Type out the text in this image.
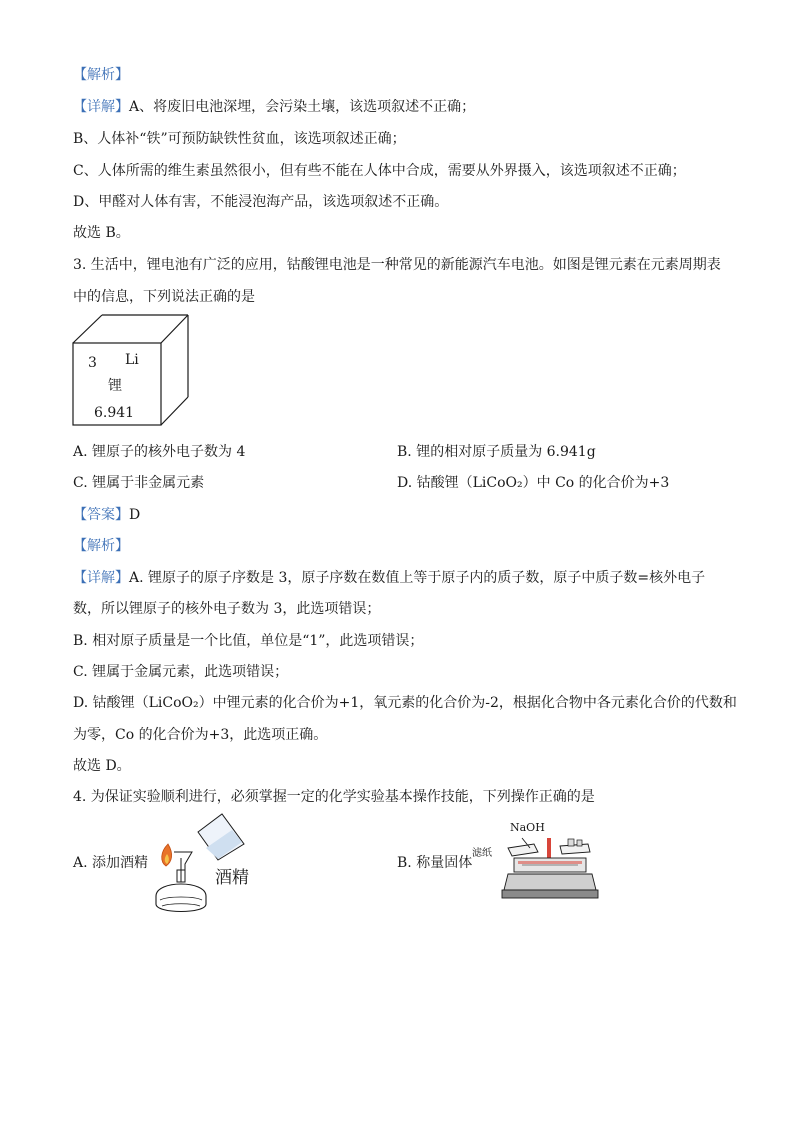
【解析】
【详解】A、将废旧电池深埋，会污染土壤，该选项叙述不正确；
B、人体补“铁”可预防缺铁性贫血，该选项叙述正确；
C、人体所需的维生素虽然很小，但有些不能在人体中合成，需要从外界摄入，该选项叙述不正确；
D、甲醛对人体有害，不能浸泡海产品，该选项叙述不正确。
故选 B。
3. 生活中，锂电池有广泛的应用，钴酸锂电池是一种常见的新能源汽车电池。如图是锂元素在元素周期表
中的信息，下列说法正确的是
3 Li
锂
6.941
A. 锂原子的核外电子数为 4	B. 锂的相对原子质量为 6.941g
C. 锂属于非金属元素	D. 钴酸锂（LiCoO₂）中 Co 的化合价为+3
【答案】D
【解析】
【详解】A. 锂原子的原子序数是 3，原子序数在数值上等于原子内的质子数，原子中质子数=核外电子
数，所以锂原子的核外电子数为 3，此选项错误；
B. 相对原子质量是一个比值，单位是“1”，此选项错误；
C. 锂属于金属元素，此选项错误；
D. 钴酸锂（LiCoO₂）中锂元素的化合价为+1，氧元素的化合价为-2，根据化合物中各元素化合价的代数和
为零，Co 的化合价为+3，此选项正确。
故选 D。
4. 为保证实验顺利进行，必须掌握一定的化学实验基本操作技能，下列操作正确的是
A. 添加酒精
酒精
B. 称量固体
滤纸
NaOH
